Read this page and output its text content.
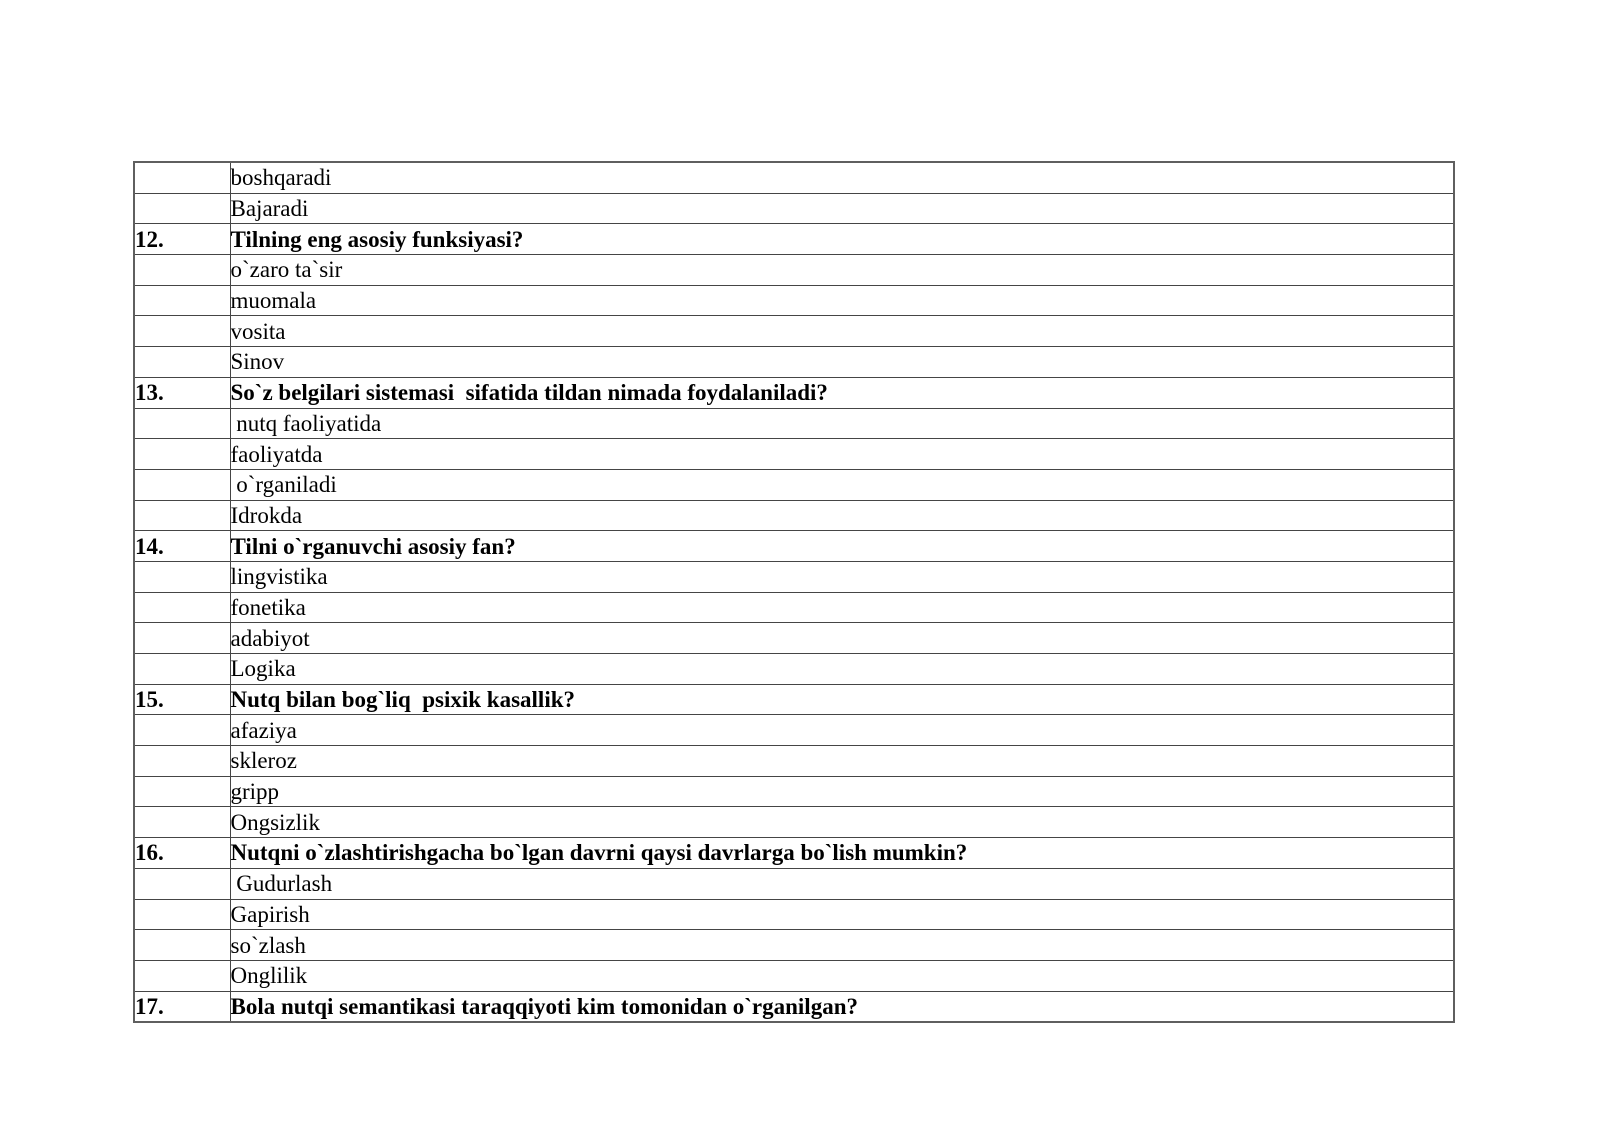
	boshqaradi
	Bajaradi
12.	Tilning eng asosiy funksiyasi?
	o`zaro ta`sir
	muomala
	vosita
	Sinov
13.	So`z belgilari sistemasi  sifatida tildan nimada foydalaniladi?
	nutq faoliyatida
	faoliyatda
	o`rganiladi
	Idrokda
14.	Tilni o`rganuvchi asosiy fan?
	lingvistika
	fonetika
	adabiyot
	Logika
15.	Nutq bilan bog`liq  psixik kasallik?
	afaziya
	skleroz
	gripp
	Ongsizlik
16.	Nutqni o`zlashtirishgacha bo`lgan davrni qaysi davrlarga bo`lish mumkin?
	Gudurlash
	Gapirish
	so`zlash
	Onglilik
17.	Bola nutqi semantikasi taraqqiyoti kim tomonidan o`rganilgan?
